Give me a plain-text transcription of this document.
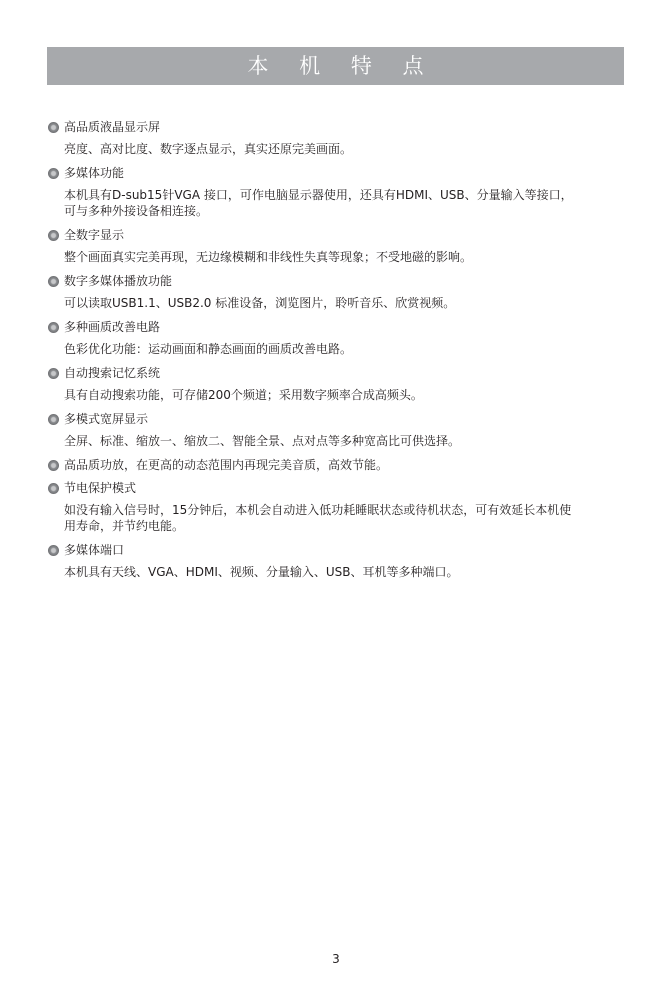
本 机 特 点
高品质液晶显示屏
亮度、高对比度、数字逐点显示，真实还原完美画面。
多媒体功能
本机具有D-sub15针VGA 接口，可作电脑显示器使用，还具有HDMI、USB、分量输入等接口，
可与多种外接设备相连接。
全数字显示
整个画面真实完美再现，无边缘模糊和非线性失真等现象；不受地磁的影响。
数字多媒体播放功能
可以读取USB1.1、USB2.0 标准设备，浏览图片，聆听音乐、欣赏视频。
多种画质改善电路
色彩优化功能：运动画面和静态画面的画质改善电路。
自动搜索记忆系统
具有自动搜索功能，可存储200个频道；采用数字频率合成高频头。
多模式宽屏显示
全屏、标准、缩放一、缩放二、智能全景、点对点等多种宽高比可供选择。
高品质功放，在更高的动态范围内再现完美音质，高效节能。
节电保护模式
如没有输入信号时，15分钟后，本机会自动进入低功耗睡眠状态或待机状态，可有效延长本机使
用寿命，并节约电能。
多媒体端口
本机具有天线、VGA、HDMI、视频、分量输入、USB、耳机等多种端口。
3
